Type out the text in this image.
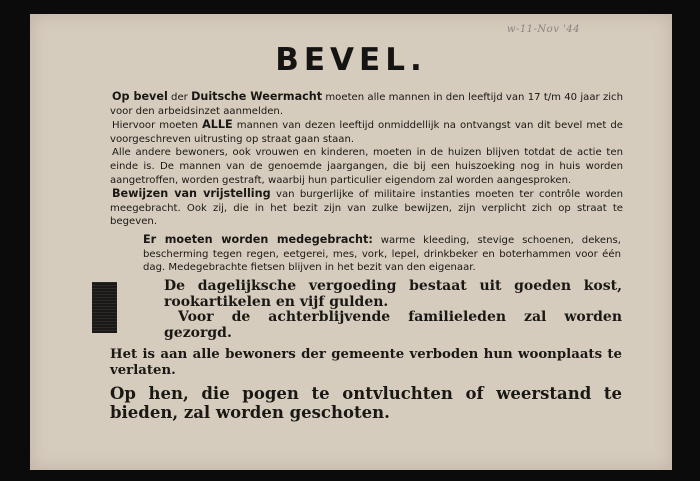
w-11-Nov '44
BEVEL.

Op bevel der Duitsche Weermacht moeten alle mannen in den leeftijd van 17 t/m 40 jaar zich voor den arbeidsinzet aanmelden.

Hiervoor moeten ALLE mannen van dezen leeftijd onmiddellijk na ontvangst van dit bevel met de voorgeschreven uitrusting op straat gaan staan.

Alle andere bewoners, ook vrouwen en kinderen, moeten in de huizen blijven totdat de actie ten einde is. De mannen van de genoemde jaargangen, die bij een huiszoeking nog in huis worden aangetroffen, worden gestraft, waarbij hun particulier eigendom zal worden aangesproken.

Bewijzen van vrijstelling van burgerlijke of militaire instanties moeten ter contrôle worden meegebracht. Ook zij, die in het bezit zijn van zulke bewijzen, zijn verplicht zich op straat te begeven.

Er moeten worden medegebracht: warme kleeding, stevige schoenen, dekens, bescherming tegen regen, eetgerei, mes, vork, lepel, drinkbeker en boterhammen voor één dag. Medegebrachte fietsen blijven in het bezit van den eigenaar.

De dagelijksche vergoeding bestaat uit goeden kost, rookartikelen en vijf gulden.

Voor de achterblijvende familieleden zal worden gezorgd.

Het is aan alle bewoners der gemeente verboden hun woonplaats te verlaten.
Op hen, die pogen te ontvluchten of weerstand te bieden, zal worden geschoten.
